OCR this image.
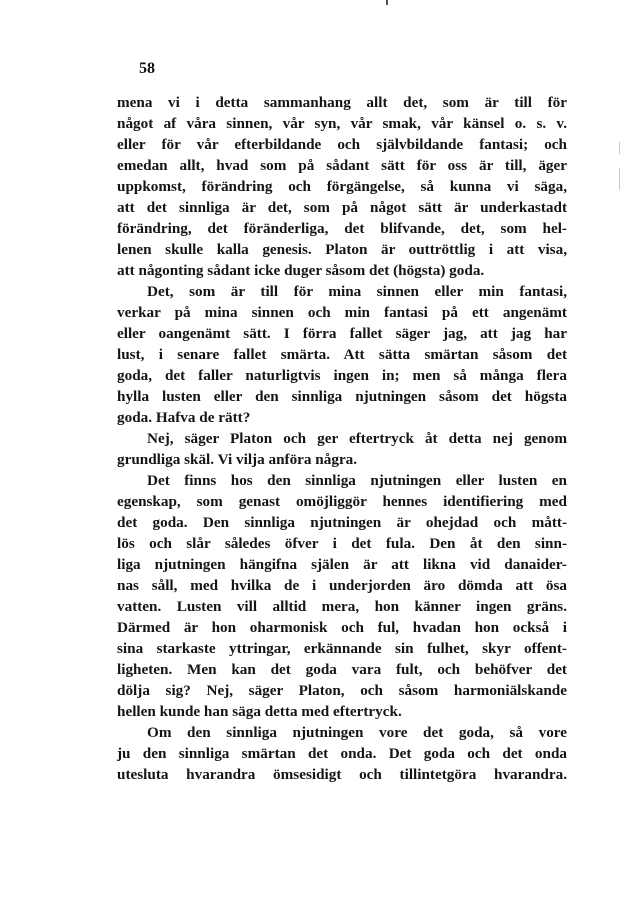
58
mena vi i detta sammanhang allt det, som är till för
något af våra sinnen, vår syn, vår smak, vår känsel o. s. v.
eller för vår efterbildande och självbildande fantasi; och
emedan allt, hvad som på sådant sätt för oss är till, äger
uppkomst, förändring och förgängelse, så kunna vi säga,
att det sinnliga är det, som på något sätt är underkastadt
förändring, det föränderliga, det blifvande, det, som hel-
lenen skulle kalla genesis. Platon är outtröttlig i att visa,
att någonting sådant icke duger såsom det (högsta) goda.
Det, som är till för mina sinnen eller min fantasi,
verkar på mina sinnen och min fantasi på ett angenämt
eller oangenämt sätt. I förra fallet säger jag, att jag har
lust, i senare fallet smärta. Att sätta smärtan såsom det
goda, det faller naturligtvis ingen in; men så många flera
hylla lusten eller den sinnliga njutningen såsom det högsta
goda. Hafva de rätt?
Nej, säger Platon och ger eftertryck åt detta nej genom
grundliga skäl. Vi vilja anföra några.
Det finns hos den sinnliga njutningen eller lusten en
egenskap, som genast omöjliggör hennes identifiering med
det goda. Den sinnliga njutningen är ohejdad och mått-
lös och slår således öfver i det fula. Den åt den sinn-
liga njutningen hängifna själen är att likna vid danaider-
nas såll, med hvilka de i underjorden äro dömda att ösa
vatten. Lusten vill alltid mera, hon känner ingen gräns.
Därmed är hon oharmonisk och ful, hvadan hon också i
sina starkaste yttringar, erkännande sin fulhet, skyr offent-
ligheten. Men kan det goda vara fult, och behöfver det
dölja sig? Nej, säger Platon, och såsom harmoniälskande
hellen kunde han säga detta med eftertryck.
Om den sinnliga njutningen vore det goda, så vore
ju den sinnliga smärtan det onda. Det goda och det onda
utesluta hvarandra ömsesidigt och tillintetgöra hvarandra.
